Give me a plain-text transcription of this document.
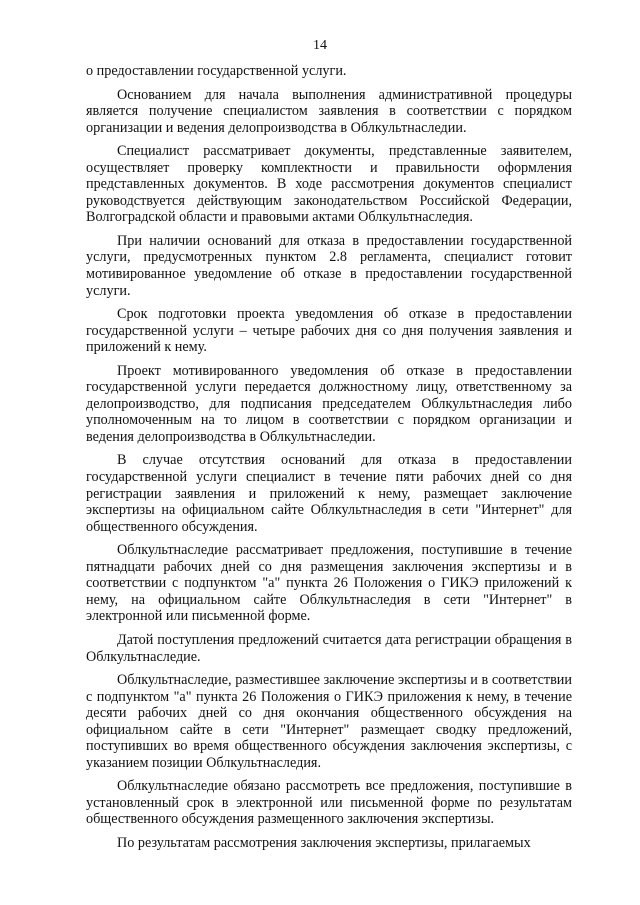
14

о предоставлении государственной услуги.

Основанием для начала выполнения административной процедуры является получение специалистом заявления в соответствии с порядком организации и ведения делопроизводства в Облкультнаследии.

Специалист рассматривает документы, представленные заявителем, осуществляет проверку комплектности и правильности оформления представленных документов. В ходе рассмотрения документов специалист руководствуется действующим законодательством Российской Федерации, Волгоградской области и правовыми актами Облкультнаследия.

При наличии оснований для отказа в предоставлении государственной услуги, предусмотренных пунктом 2.8 регламента, специалист готовит мотивированное уведомление об отказе в предоставлении государственной услуги.

Срок подготовки проекта уведомления об отказе в предоставлении государственной услуги – четыре рабочих дня со дня получения заявления и приложений к нему.

Проект мотивированного уведомления об отказе в предоставлении государственной услуги передается должностному лицу, ответственному за делопроизводство, для подписания председателем Облкультнаследия либо уполномоченным на то лицом в соответствии с порядком организации и ведения делопроизводства в Облкультнаследии.

В случае отсутствия оснований для отказа в предоставлении государственной услуги специалист в течение пяти рабочих дней со дня регистрации заявления и приложений к нему, размещает заключение экспертизы на официальном сайте Облкультнаследия в сети "Интернет" для общественного обсуждения.

Облкультнаследие рассматривает предложения, поступившие в течение пятнадцати рабочих дней со дня размещения заключения экспертизы и в соответствии с подпунктом "а" пункта 26 Положения о ГИКЭ приложений к нему, на официальном сайте Облкультнаследия в сети "Интернет" в электронной или письменной форме.

Датой поступления предложений считается дата регистрации обращения в Облкультнаследие.

Облкультнаследие, разместившее заключение экспертизы и в соответствии с подпунктом "а" пункта 26 Положения о ГИКЭ приложения к нему, в течение десяти рабочих дней со дня окончания общественного обсуждения на официальном сайте в сети "Интернет" размещает сводку предложений, поступивших во время общественного обсуждения заключения экспертизы, с указанием позиции Облкультнаследия.

Облкультнаследие обязано рассмотреть все предложения, поступившие в установленный срок в электронной или письменной форме по результатам общественного обсуждения размещенного заключения экспертизы.

По результатам рассмотрения заключения экспертизы, прилагаемых
